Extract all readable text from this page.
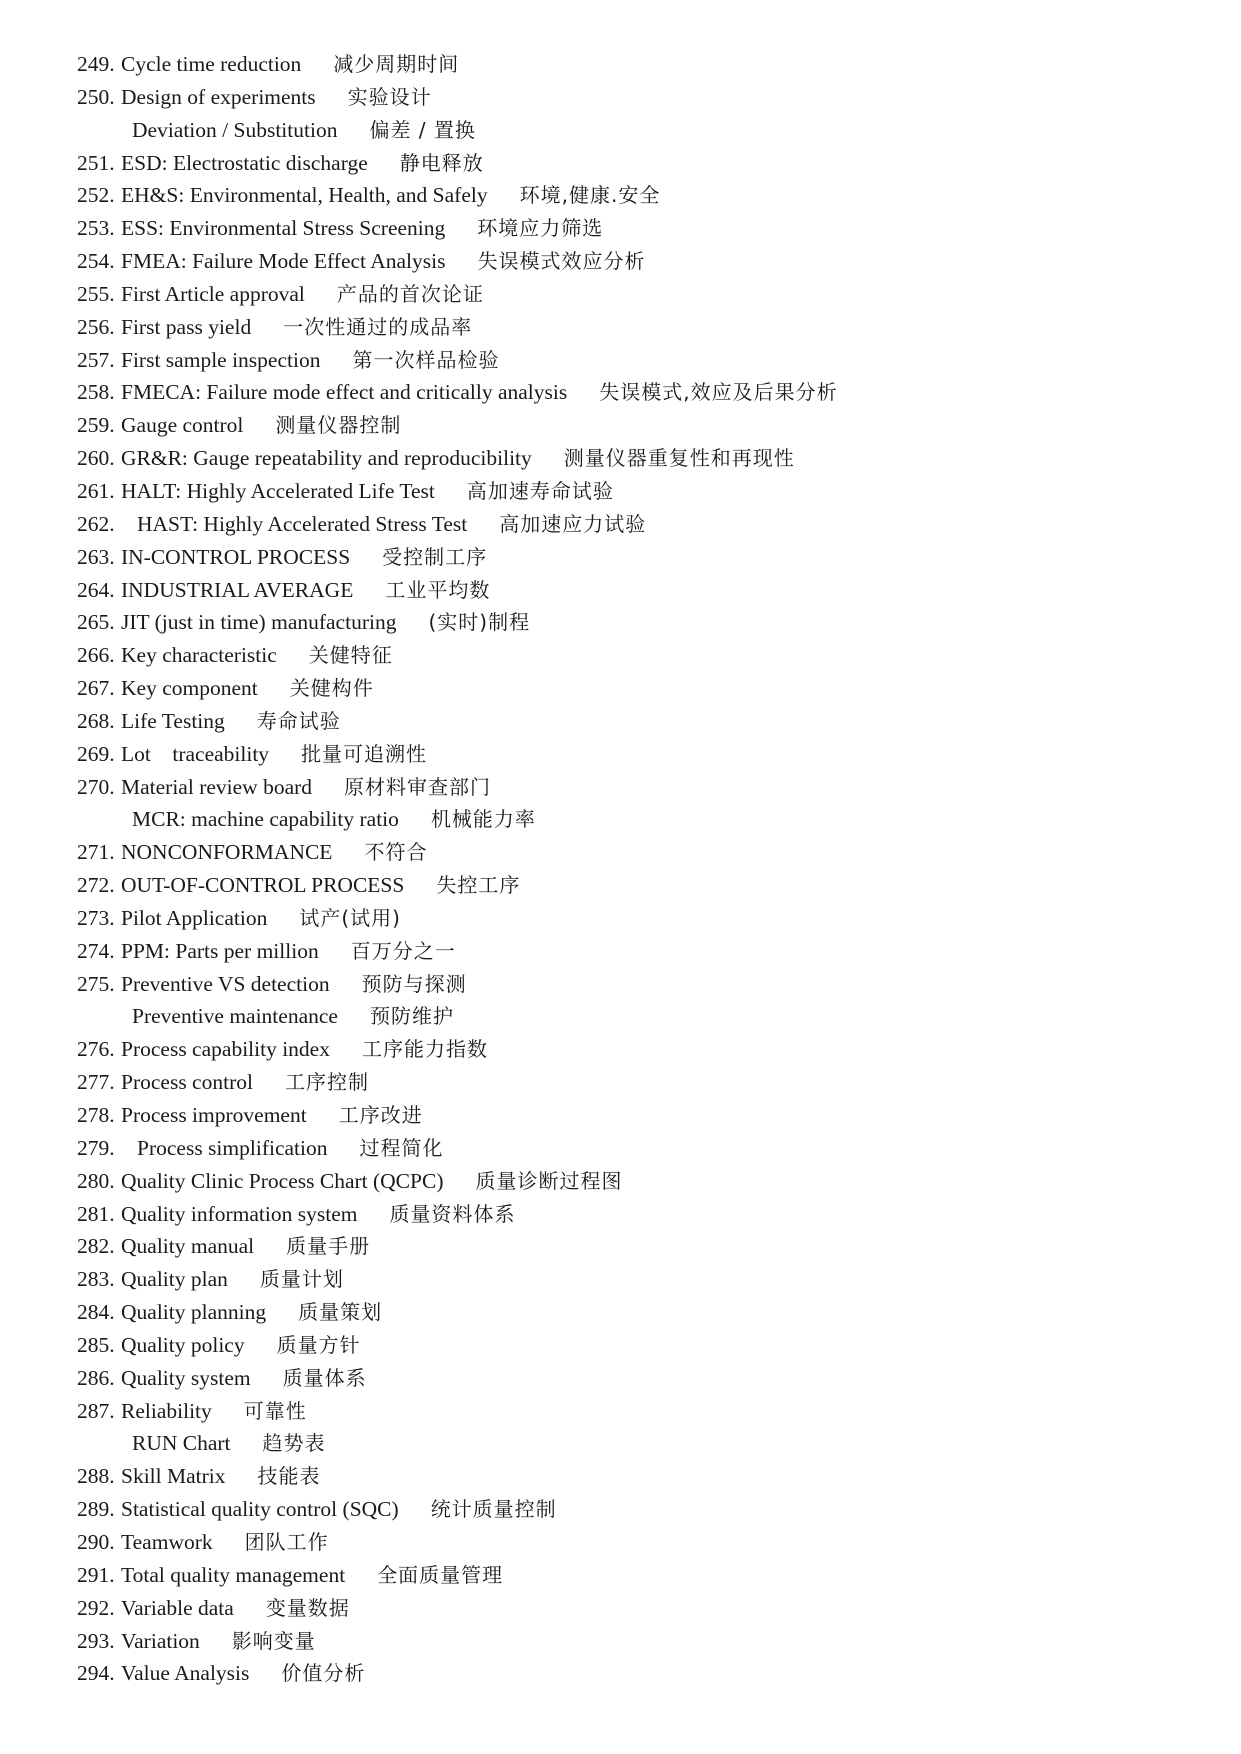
249. Cycle time reduction 减少周期时间
250. Design of experiments 实验设计
Deviation / Substitution 偏差 / 置换
251. ESD: Electrostatic discharge 静电释放
252. EH&S: Environmental, Health, and Safely 环境,健康.安全
253. ESS: Environmental Stress Screening 环境应力筛选
254. FMEA: Failure Mode Effect Analysis 失误模式效应分析
255. First Article approval 产品的首次论证
256. First pass yield 一次性通过的成品率
257. First sample inspection 第一次样品检验
258. FMECA: Failure mode effect and critically analysis 失误模式,效应及后果分析
259. Gauge control 测量仪器控制
260. GR&R: Gauge repeatability and reproducibility 测量仪器重复性和再现性
261. HALT: Highly Accelerated Life Test 高加速寿命试验
262. HAST: Highly Accelerated Stress Test 高加速应力试验
263. IN-CONTROL PROCESS 受控制工序
264. INDUSTRIAL AVERAGE 工业平均数
265. JIT (just in time) manufacturing (实时)制程
266. Key characteristic 关健特征
267. Key component 关健构件
268. Life Testing 寿命试验
269. Lot    traceability 批量可追溯性
270. Material review board 原材料审查部门
MCR: machine capability ratio 机械能力率
271. NONCONFORMANCE 不符合
272. OUT-OF-CONTROL PROCESS 失控工序
273. Pilot Application 试产(试用)
274. PPM: Parts per million 百万分之一
275. Preventive VS detection 预防与探测
Preventive maintenance 预防维护
276. Process capability index 工序能力指数
277. Process control 工序控制
278. Process improvement 工序改进
279. Process simplification 过程简化
280. Quality Clinic Process Chart (QCPC) 质量诊断过程图
281. Quality information system 质量资料体系
282. Quality manual 质量手册
283. Quality plan 质量计划
284. Quality planning 质量策划
285. Quality policy 质量方针
286. Quality system 质量体系
287. Reliability 可靠性
RUN Chart 趋势表
288. Skill Matrix 技能表
289. Statistical quality control (SQC) 统计质量控制
290. Teamwork 团队工作
291. Total quality management 全面质量管理
292. Variable data 变量数据
293. Variation 影响变量
294. Value Analysis 价值分析
